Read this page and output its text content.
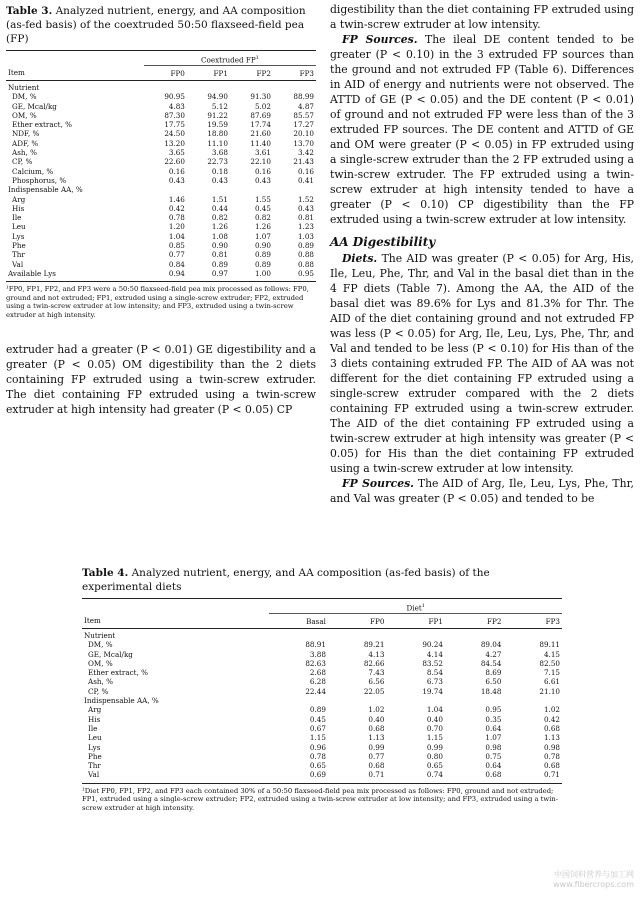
Table 3. Analyzed nutrient, energy, and AA composition (as-fed basis) of the coextruded 50:50 flaxseed-field pea (FP)

	Coextruded $FP^1$
Item	FP0	FP1	FP2	FP3
Nutrient				
DM, %	90.95	94.90	91.30	88.99
GE, Mcal/kg	4.83	5.12	5.02	4.87
OM, %	87.30	91.22	87.69	85.57
Ether extract, %	17.75	19.59	17.74	17.27
NDF, %	24.50	18.80	21.60	20.10
ADF, %	13.20	11.10	11.40	13.70
Ash, %	3.65	3.68	3.61	3.42
CP, %	22.60	22.73	22.10	21.43
Calcium, %	0.16	0.18	0.16	0.16
Phosphorus, %	0.43	0.43	0.43	0.41
Indispensable AA, %				
Arg	1.46	1.51	1.55	1.52
His	0.42	0.44	0.45	0.43
Ile	0.78	0.82	0.82	0.81
Leu	1.20	1.26	1.26	1.23
Lys	1.04	1.08	1.07	1.03
Phe	0.85	0.90	0.90	0.89
Thr	0.77	0.81	0.89	0.88
Val	0.84	0.89	0.89	0.88
Available Lys	0.94	0.97	1.00	0.95
¹FP0, FP1, FP2, and FP3 were a 50:50 flaxseed-field pea mix processed as follows: FP0, ground and not extruded; FP1, extruded using a single-screw extruder; FP2, extruded using a twin-screw extruder at low intensity; and FP3, extruded using a twin-screw extruder at high intensity.

extruder had a greater (P < 0.01) GE digestibility and a greater (P < 0.05) OM digestibility than the 2 diets containing FP extruded using a twin-screw extruder. The diet containing FP extruded using a twin-screw extruder at high intensity had greater (P < 0.05) CP

digestibility than the diet containing FP extruded using a twin-screw extruder at low intensity.

FP Sources. The ileal DE content tended to be greater (P < 0.10) in the 3 extruded FP sources than the ground and not extruded FP (Table 6). Differences in AID of energy and nutrients were not observed. The ATTD of GE (P < 0.05) and the DE content (P < 0.01) of ground and not extruded FP were less than of the 3 extruded FP sources. The DE content and ATTD of GE and OM were greater (P < 0.05) in FP extruded using a single-screw extruder than the 2 FP extruded using a twin-screw extruder. The FP extruded using a twin-screw extruder at high intensity tended to have a greater (P < 0.10) CP digestibility than the FP extruded using a twin-screw extruder at low intensity.

AA Digestibility

Diets. The AID was greater (P < 0.05) for Arg, His, Ile, Leu, Phe, Thr, and Val in the basal diet than in the 4 FP diets (Table 7). Among the AA, the AID of the basal diet was 89.6% for Lys and 81.3% for Thr. The AID of the diet containing ground and not extruded FP was less (P < 0.05) for Arg, Ile, Leu, Lys, Phe, Thr, and Val and tended to be less (P < 0.10) for His than of the 3 diets containing extruded FP. The AID of AA was not different for the diet containing FP extruded using a single-screw extruder compared with the 2 diets containing FP extruded using a twin-screw extruder. The AID of the diet containing FP extruded using a twin-screw extruder at high intensity was greater (P < 0.05) for His than the diet containing FP extruded using a twin-screw extruder at low intensity.

FP Sources. The AID of Arg, Ile, Leu, Lys, Phe, Thr, and Val was greater (P < 0.05) and tended to be

Table 4. Analyzed nutrient, energy, and AA composition (as-fed basis) of the experimental diets

	Diet$^1$
Item	Basal	FP0	FP1	FP2	FP3
Nutrient					
DM, %	88.91	89.21	90.24	89.04	89.11
GE, Mcal/kg	3.88	4.13	4.14	4.27	4.15
OM, %	82.63	82.66	83.52	84.54	82.50
Ether extract, %	2.68	7.43	8.54	8.69	7.15
Ash, %	6.28	6.56	6.73	6.50	6.61
CP, %	22.44	22.05	19.74	18.48	21.10
Indispensable AA, %					
Arg	0.89	1.02	1.04	0.95	1.02
His	0.45	0.40	0.40	0.35	0.42
Ile	0.67	0.68	0.70	0.64	0.68
Leu	1.15	1.13	1.15	1.07	1.13
Lys	0.96	0.99	0.99	0.98	0.98
Phe	0.78	0.77	0.80	0.75	0.78
Thr	0.65	0.68	0.65	0.64	0.68
Val	0.69	0.71	0.74	0.68	0.71
¹Diet FP0, FP1, FP2, and FP3 each contained 30% of a 50:50 flaxseed-field pea mix processed as follows: FP0, ground and not extruded; FP1, extruded using a single-screw extruder; FP2, extruded using a twin-screw extruder at low intensity; and FP3, extruded using a twin-screw extruder at high intensity.
中国饲料营养与加工网
www.fibercrops.com
